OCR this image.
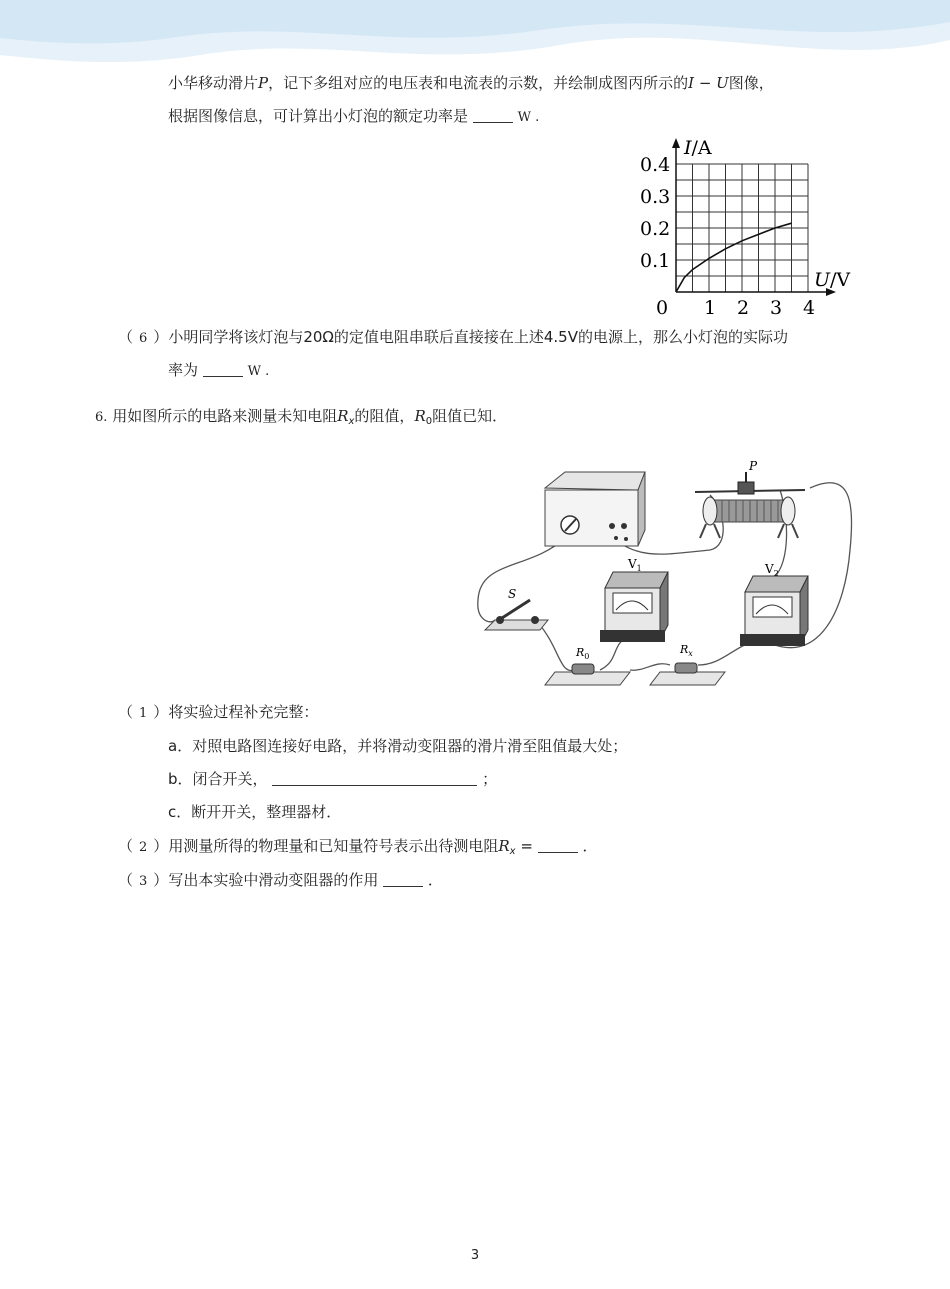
小华移动滑片P，记下多组对应的电压表和电流表的示数，并绘制成图丙所示的I − U图像，
根据图像信息，可计算出小灯泡的额定功率是	W .
1 2 3 4
0.1
0.2
0.3
0.4
0
I/A
U/V
（ 6 ）小明同学将该灯泡与20Ω的定值电阻串联后直接接在上述4.5V的电源上，那么小灯泡的实际功
率为	W .
6. 用如图所示的电路来测量未知电阻$R_x$的阻值，$R_0$阻值已知．
P
S
$V_1$	$V_2$
$R_0$
$R_x$
（ 1 ）将实验过程补充完整：
a．对照电路图连接好电路，并将滑动变阻器的滑片滑至阻值最大处；
b．闭合开关，	；
c．断开开关，整理器材．
（ 2 ）用测量所得的物理量和已知量符号表示出待测电阻$R_x$ =	．
（ 3 ）写出本实验中滑动变阻器的作用	．
3
